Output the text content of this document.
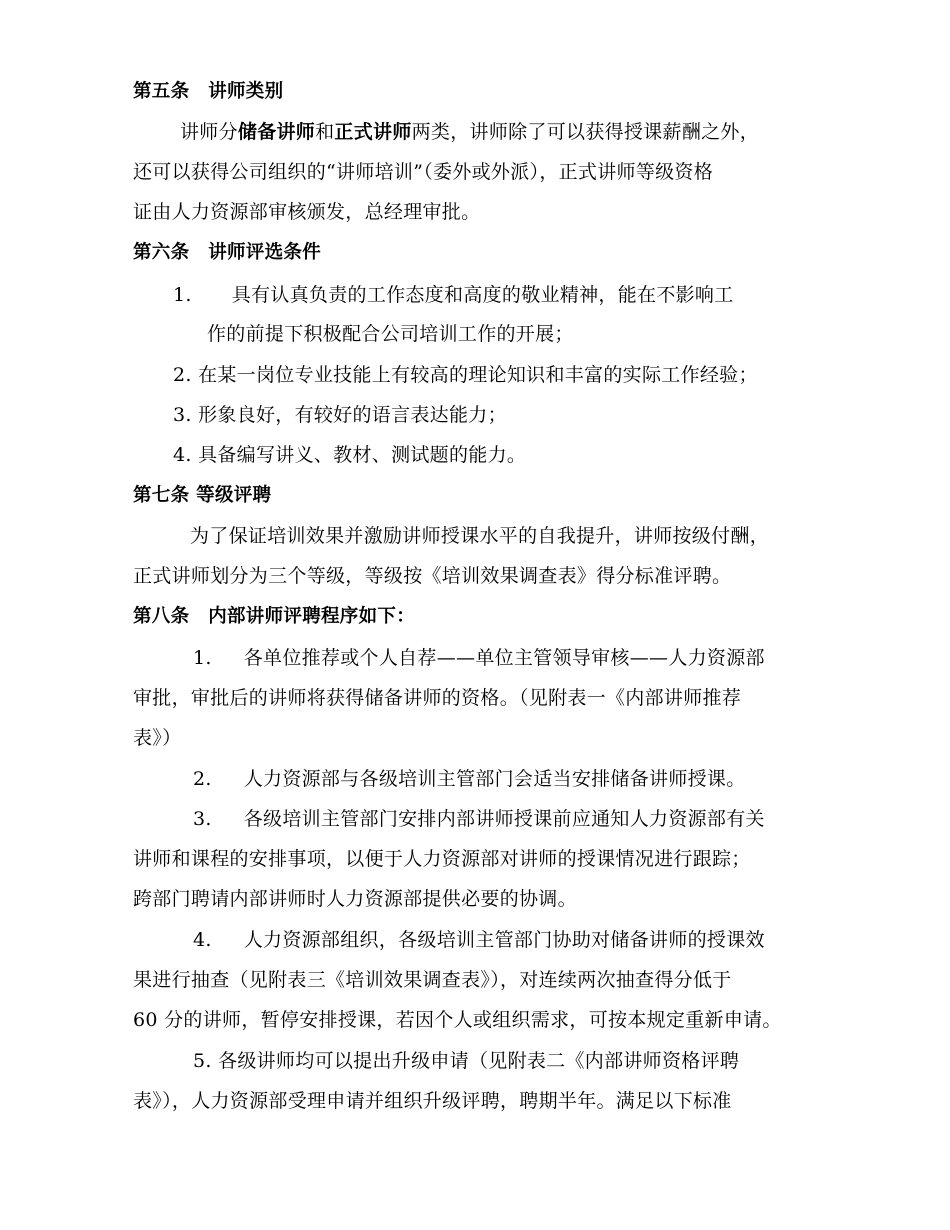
第五条　讲师类别
讲师分储备讲师和正式讲师两类，讲师除了可以获得授课薪酬之外，
还可以获得公司组织的“讲师培训”（委外或外派），正式讲师等级资格
证由人力资源部审核颁发，总经理审批。
第六条　讲师评选条件
1. 具有认真负责的工作态度和高度的敬业精神，能在不影响工
作的前提下积极配合公司培训工作的开展；
2. 在某一岗位专业技能上有较高的理论知识和丰富的实际工作经验；
3. 形象良好，有较好的语言表达能力；
4. 具备编写讲义、教材、测试题的能力。
第七条 等级评聘
为了保证培训效果并激励讲师授课水平的自我提升，讲师按级付酬，
正式讲师划分为三个等级，等级按《培训效果调查表》得分标准评聘。
第八条　内部讲师评聘程序如下：
1. 各单位推荐或个人自荐——单位主管领导审核——人力资源部
审批，审批后的讲师将获得储备讲师的资格。（见附表一《内部讲师推荐
表》）
2. 人力资源部与各级培训主管部门会适当安排储备讲师授课。
3. 各级培训主管部门安排内部讲师授课前应通知人力资源部有关
讲师和课程的安排事项，以便于人力资源部对讲师的授课情况进行跟踪；
跨部门聘请内部讲师时人力资源部提供必要的协调。
4. 人力资源部组织，各级培训主管部门协助对储备讲师的授课效
果进行抽查（见附表三《培训效果调查表》），对连续两次抽查得分低于
60 分的讲师，暂停安排授课，若因个人或组织需求，可按本规定重新申请。
5. 各级讲师均可以提出升级申请（见附表二《内部讲师资格评聘
表》），人力资源部受理申请并组织升级评聘，聘期半年。满足以下标准
